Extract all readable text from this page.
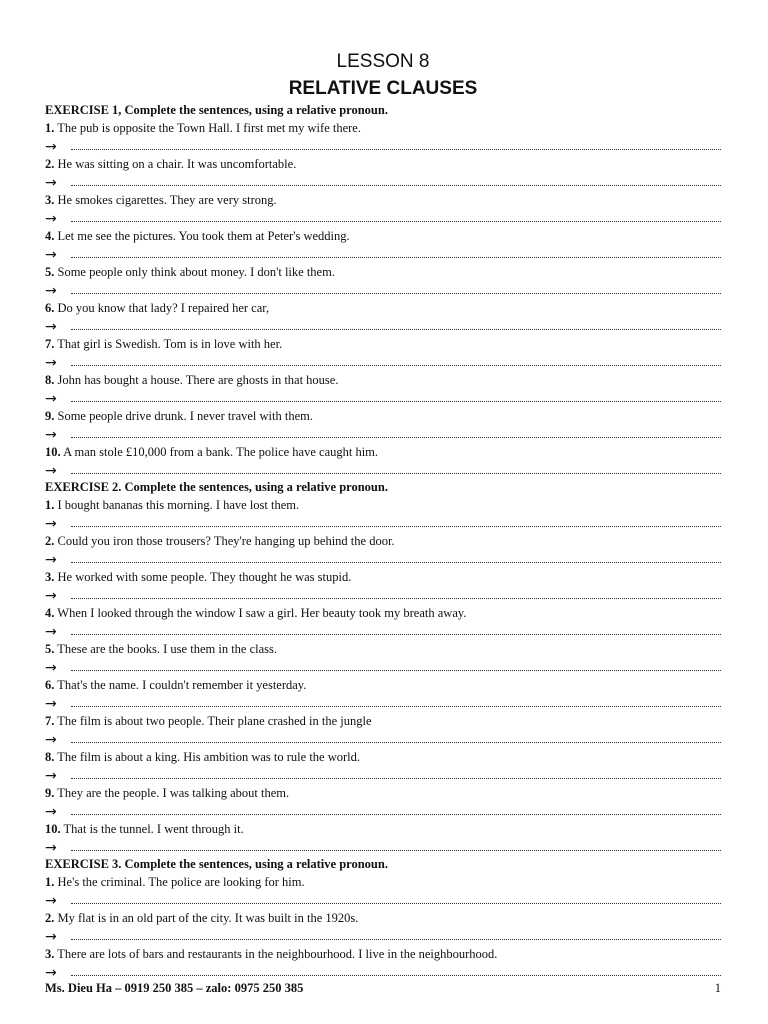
LESSON 8
RELATIVE CLAUSES
EXERCISE 1, Complete the sentences, using a relative pronoun.
1. The pub is opposite the Town Hall. I first met my wife there.
→
2. He was sitting on a chair. It was uncomfortable.
→
3. He smokes cigarettes. They are very strong.
→
4. Let me see the pictures. You took them at Peter's wedding.
→
5. Some people only think about money. I don't like them.
→
6. Do you know that lady? I repaired her car,
→
7. That girl is Swedish. Tom is in love with her.
→
8. John has bought a house. There are ghosts in that house.
→
9. Some people drive drunk. I never travel with them.
→
10. A man stole £10,000 from a bank. The police have caught him.
→
EXERCISE 2. Complete the sentences, using a relative pronoun.
1. I bought bananas this morning. I have lost them.
→
2. Could you iron those trousers? They're hanging up behind the door.
→
3. He worked with some people. They thought he was stupid.
→
4. When I looked through the window I saw a girl. Her beauty took my breath away.
→
5. These are the books. I use them in the class.
→
6. That's the name. I couldn't remember it yesterday.
→
7. The film is about two people. Their plane crashed in the jungle
→
8. The film is about a king. His ambition was to rule the world.
→
9. They are the people. I was talking about them.
→
10. That is the tunnel. I went through it.
→
EXERCISE 3. Complete the sentences, using a relative pronoun.
1. He's the criminal. The police are looking for him.
→
2. My flat is in an old part of the city. It was built in the 1920s.
→
3. There are lots of bars and restaurants in the neighbourhood. I live in the neighbourhood.
→
Ms. Dieu Ha – 0919 250 385 – zalo: 0975 250 385	1
